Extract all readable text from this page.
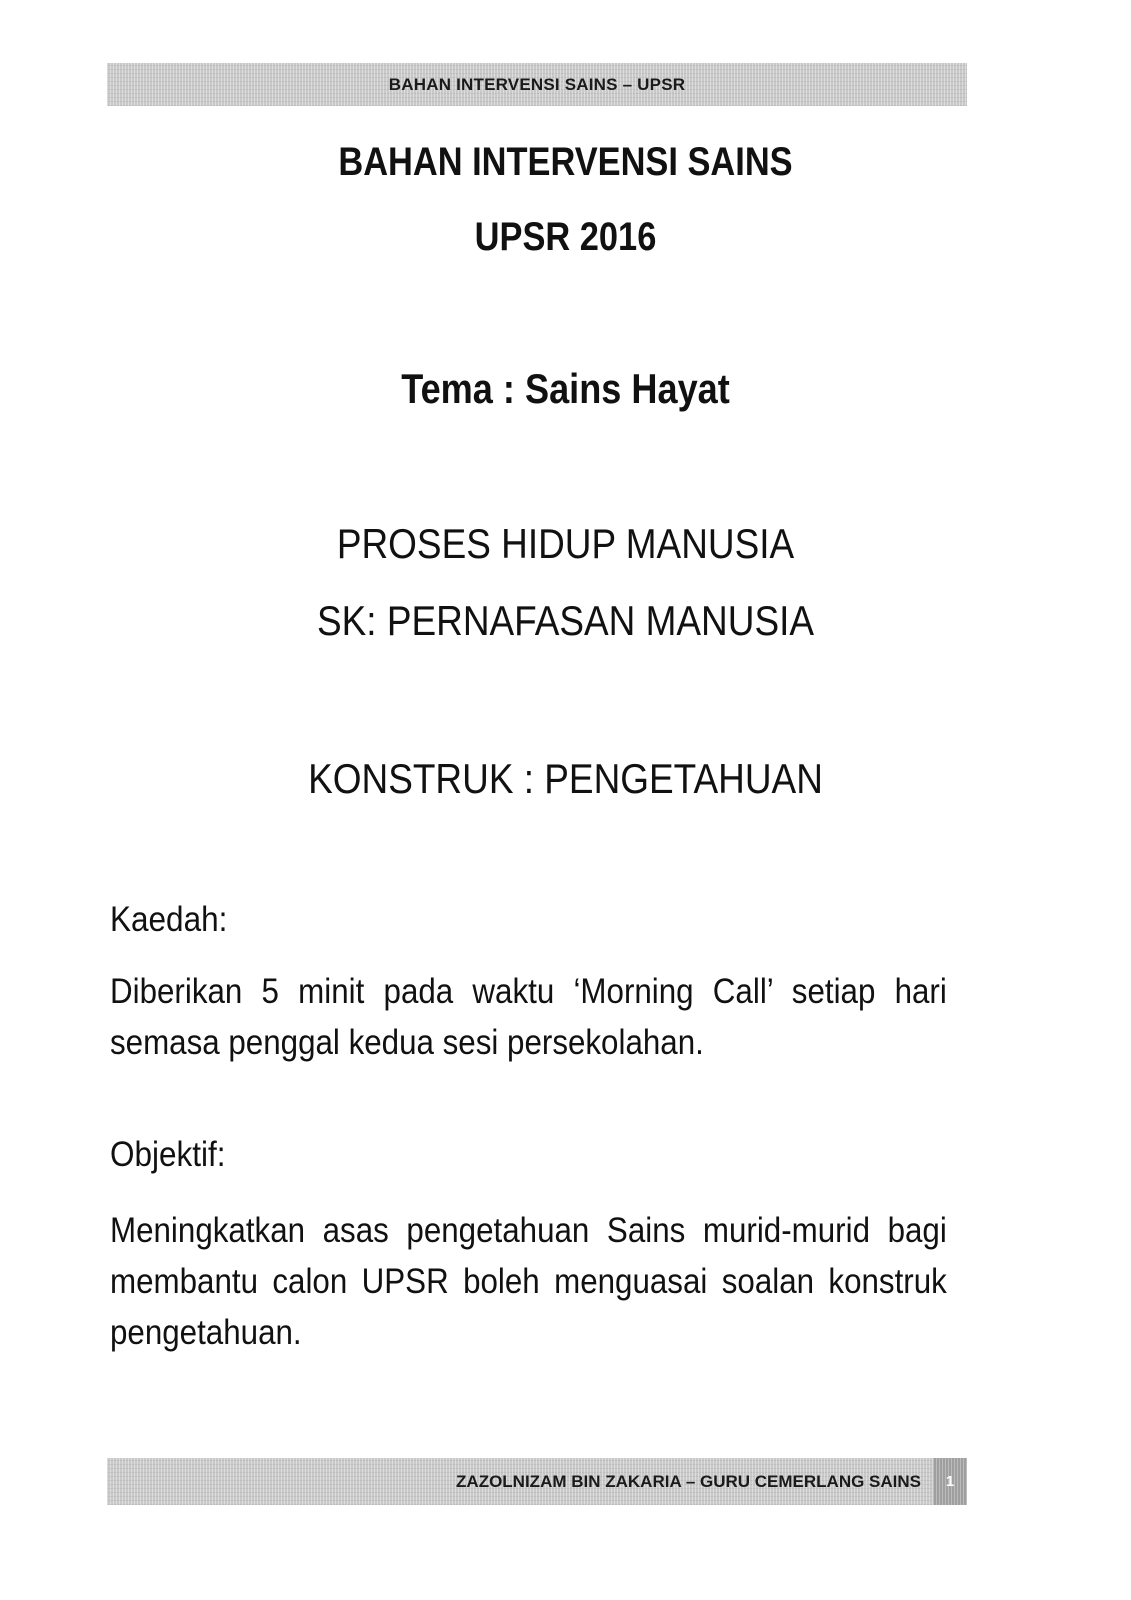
BAHAN INTERVENSI SAINS – UPSR
BAHAN INTERVENSI SAINS
UPSR 2016
Tema : Sains Hayat

PROSES HIDUP MANUSIA

SK: PERNAFASAN MANUSIA

KONSTRUK : PENGETAHUAN

Kaedah:

Diberikan 5 minit pada waktu ‘Morning Call’ setiap hari semasa penggal kedua sesi persekolahan.

Objektif:

Meningkatkan asas pengetahuan Sains murid-murid bagi membantu calon UPSR boleh menguasai soalan konstruk pengetahuan.

ZAZOLNIZAM BIN ZAKARIA – GURU CEMERLANG SAINS	1
